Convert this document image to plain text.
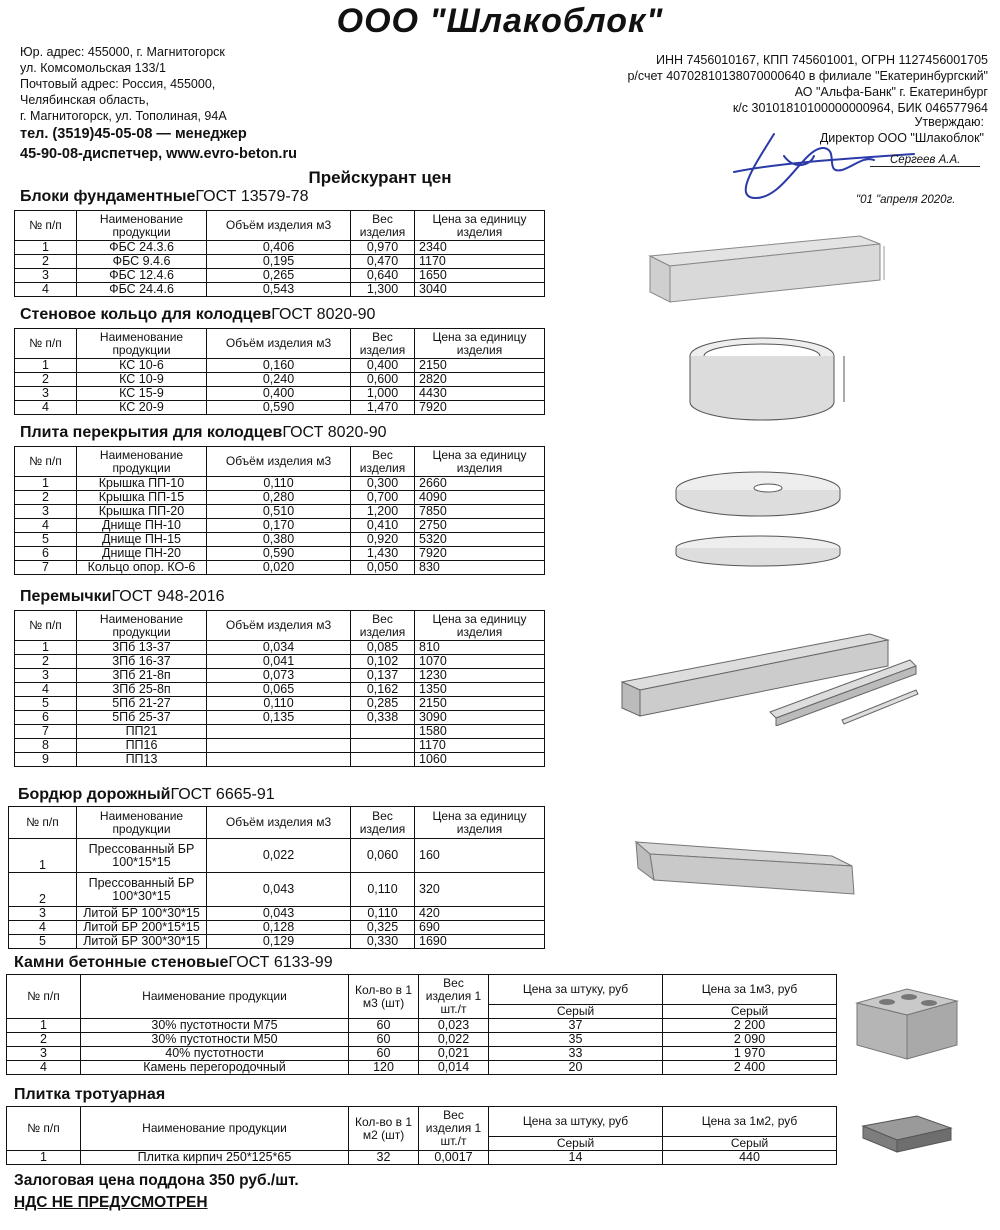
ООО "Шлакоблок"
Юр. адрес: 455000, г. Магнитогорск
ул. Комсомольская 133/1
Почтовый адрес: Россия, 455000,
Челябинская область,
г. Магнитогорск, ул. Тополиная, 94А
тел. (3519)45-05-08 — менеджер
45-90-08-диспетчер, www.evro-beton.ru
ИНН 7456010167, КПП 745601001, ОГРН 1127456001705
р/счет 40702810138070000640 в филиале "Екатеринбургский"
АО "Альфа-Банк" г. Екатеринбург
к/с 30101810100000000964, БИК 046577964
Утверждаю:
Директор ООО "Шлакоблок"
Сергеев А.А.
Прейскурант цен
"01 "апреля 2020г.
Блоки фундаментныеГОСТ 13579-78
№ п/п	Наименование продукции	Объём изделия м3	Вес изделия	Цена за единицу изделия
1	ФБС 24.3.6	0,406	0,970	2340
2	ФБС 9.4.6	0,195	0,470	1170
3	ФБС 12.4.6	0,265	0,640	1650
4	ФБС 24.4.6	0,543	1,300	3040
Стеновое кольцо для колодцевГОСТ 8020-90
№ п/п	Наименование продукции	Объём изделия м3	Вес изделия	Цена за единицу изделия
1	КС 10-6	0,160	0,400	2150
2	КС 10-9	0,240	0,600	2820
3	КС 15-9	0,400	1,000	4430
4	КС 20-9	0,590	1,470	7920
Плита перекрытия для колодцевГОСТ 8020-90
№ п/п	Наименование продукции	Объём изделия м3	Вес изделия	Цена за единицу изделия
1	Крышка ПП-10	0,110	0,300	2660
2	Крышка ПП-15	0,280	0,700	4090
3	Крышка ПП-20	0,510	1,200	7850
4	Днище ПН-10	0,170	0,410	2750
5	Днище ПН-15	0,380	0,920	5320
6	Днище ПН-20	0,590	1,430	7920
7	Кольцо опор. КО-6	0,020	0,050	830
ПеремычкиГОСТ 948-2016
№ п/п	Наименование продукции	Объём изделия м3	Вес изделия	Цена за единицу изделия
1	3Пб 13-37	0,034	0,085	810
2	3Пб 16-37	0,041	0,102	1070
3	3Пб 21-8п	0,073	0,137	1230
4	3Пб 25-8п	0,065	0,162	1350
5	5Пб 21-27	0,110	0,285	2150
6	5Пб 25-37	0,135	0,338	3090
7	ПП21			1580
8	ПП16			1170
9	ПП13			1060
Бордюр дорожныйГОСТ 6665-91
№ п/п	Наименование продукции	Объём изделия м3	Вес изделия	Цена за единицу изделия
1	Прессованный БР 100*15*15	0,022	0,060	160
2	Прессованный БР 100*30*15	0,043	0,110	320
3	Литой БР 100*30*15	0,043	0,110	420
4	Литой БР 200*15*15	0,128	0,325	690
5	Литой БР 300*30*15	0,129	0,330	1690
Камни бетонные стеновыеГОСТ 6133-99
№ п/п	Наименование продукции	Кол-во в 1 м3 (шт)	Вес изделия 1 шт./т	Цена за штуку, руб	Цена за 1м3, руб	
				Серый	Серый	
1	30% пустотности М75	60	0,023	37	2 200	
2	30% пустотности М50	60	0,022	35	2 090	
3	40% пустотности	60	0,021	33	1 970	
4	Камень перегородочный	120	0,014	20	2 400	
Плитка тротуарная
№ п/п	Наименование продукции	Кол-во в 1 м2 (шт)	Вес изделия 1 шт./т	Цена за штуку, руб	Цена за 1м2, руб	
				Серый	Серый	
1	Плитка кирпич 250*125*65	32	0,0017	14	440	
Залоговая цена поддона 350 руб./шт.
НДС НЕ ПРЕДУСМОТРЕН
